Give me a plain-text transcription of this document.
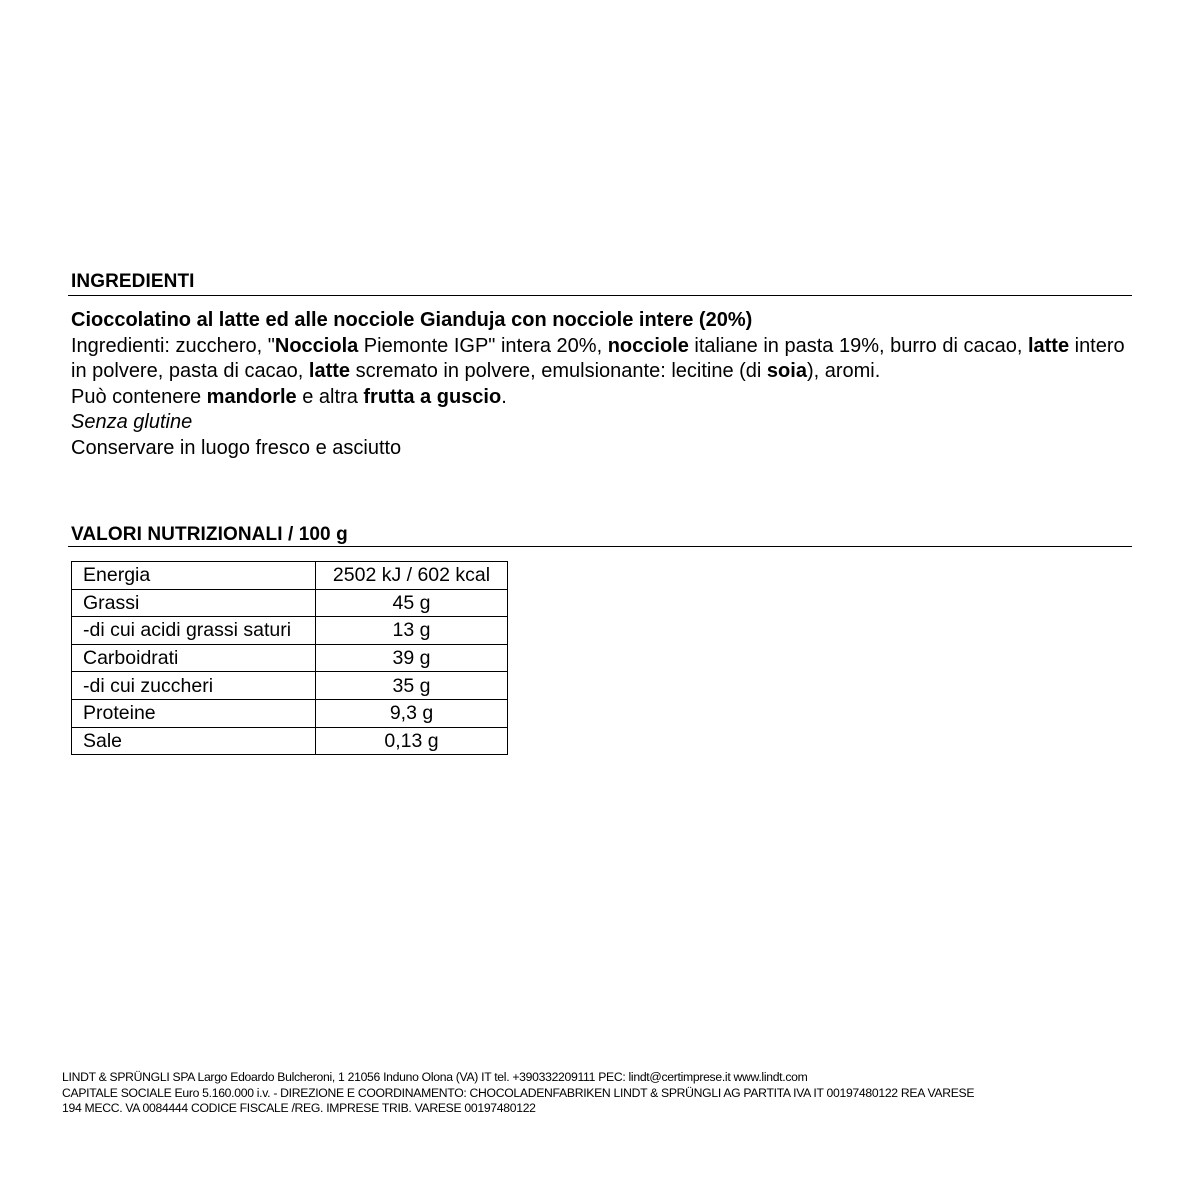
INGREDIENTI

Cioccolatino al latte ed alle nocciole Gianduja con nocciole intere (20%)

Ingredienti: zucchero, "Nocciola Piemonte IGP" intera 20%, nocciole italiane in pasta 19%, burro di cacao, latte intero in polvere, pasta di cacao, latte scremato in polvere, emulsionante: lecitine (di soia), aromi.

Può contenere mandorle e altra frutta a guscio.

Senza glutine

Conservare in luogo fresco e asciutto

VALORI NUTRIZIONALI / 100 g
Energia	2502 kJ / 602 kcal
Grassi	45 g
-di cui acidi grassi saturi	13 g
Carboidrati	39 g
-di cui zuccheri	35 g
Proteine	9,3 g
Sale	0,13 g

LINDT & SPRÜNGLI SPA Largo Edoardo Bulcheroni, 1 21056 Induno Olona (VA) IT tel. +390332209111 PEC: lindt@certimprese.it www.lindt.com

CAPITALE SOCIALE Euro 5.160.000 i.v. - DIREZIONE E COORDINAMENTO: CHOCOLADENFABRIKEN LINDT & SPRÜNGLI AG PARTITA IVA IT 00197480122 REA VARESE

194 MECC. VA 0084444 CODICE FISCALE /REG. IMPRESE TRIB. VARESE 00197480122
